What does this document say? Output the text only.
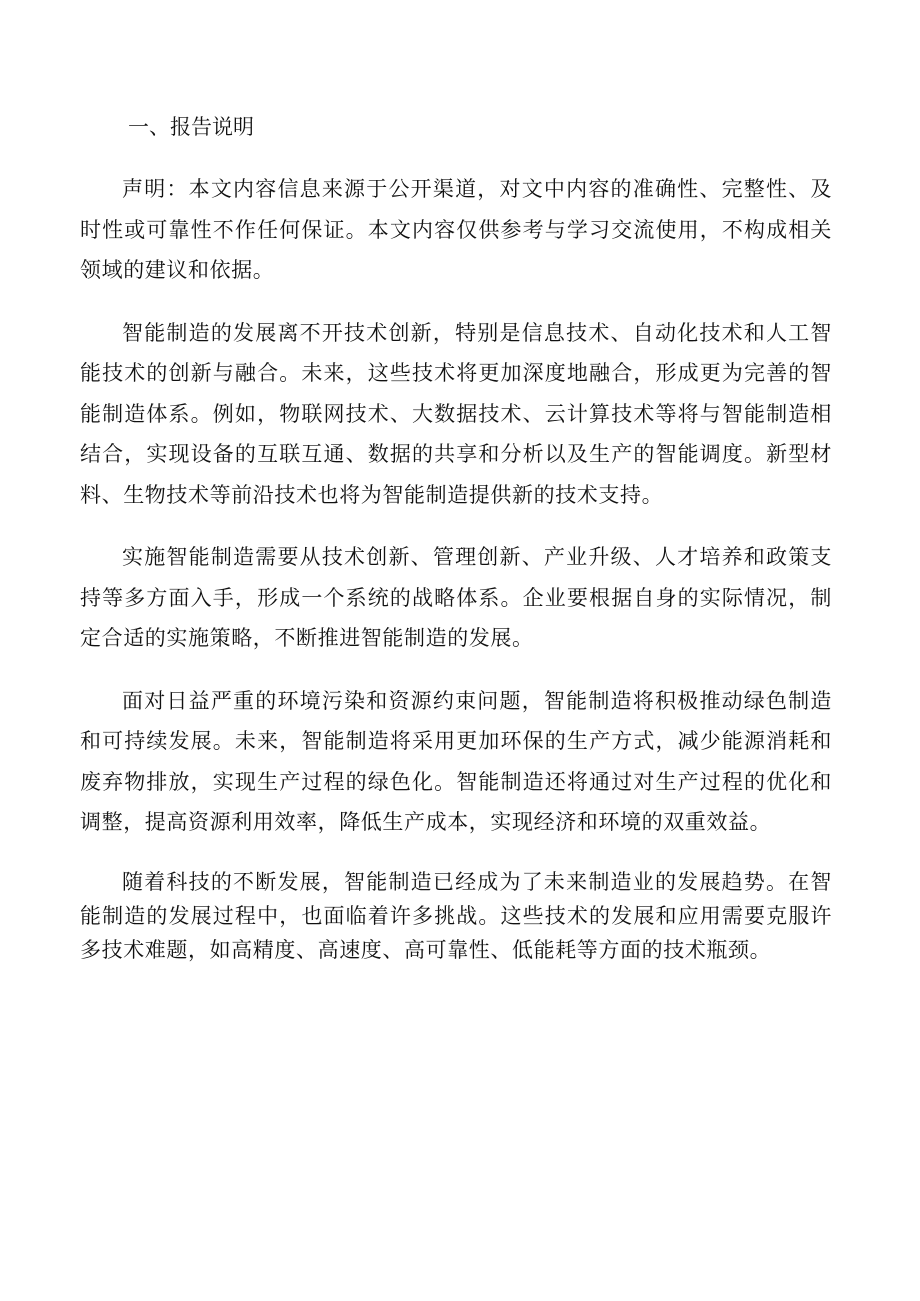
一、报告说明

声明：本文内容信息来源于公开渠道，对文中内容的准确性、完整性、及时性或可靠性不作任何保证。本文内容仅供参考与学习交流使用，不构成相关领域的建议和依据。

智能制造的发展离不开技术创新，特别是信息技术、自动化技术和人工智能技术的创新与融合。未来，这些技术将更加深度地融合，形成更为完善的智能制造体系。例如，物联网技术、大数据技术、云计算技术等将与智能制造相结合，实现设备的互联互通、数据的共享和分析以及生产的智能调度。新型材料、生物技术等前沿技术也将为智能制造提供新的技术支持。

实施智能制造需要从技术创新、管理创新、产业升级、人才培养和政策支持等多方面入手，形成一个系统的战略体系。企业要根据自身的实际情况，制定合适的实施策略，不断推进智能制造的发展。

面对日益严重的环境污染和资源约束问题，智能制造将积极推动绿色制造和可持续发展。未来，智能制造将采用更加环保的生产方式，减少能源消耗和废弃物排放，实现生产过程的绿色化。智能制造还将通过对生产过程的优化和调整，提高资源利用效率，降低生产成本，实现经济和环境的双重效益。

随着科技的不断发展，智能制造已经成为了未来制造业的发展趋势。在智能制造的发展过程中，也面临着许多挑战。这些技术的发展和应用需要克服许多技术难题，如高精度、高速度、高可靠性、低能耗等方面的技术瓶颈。
